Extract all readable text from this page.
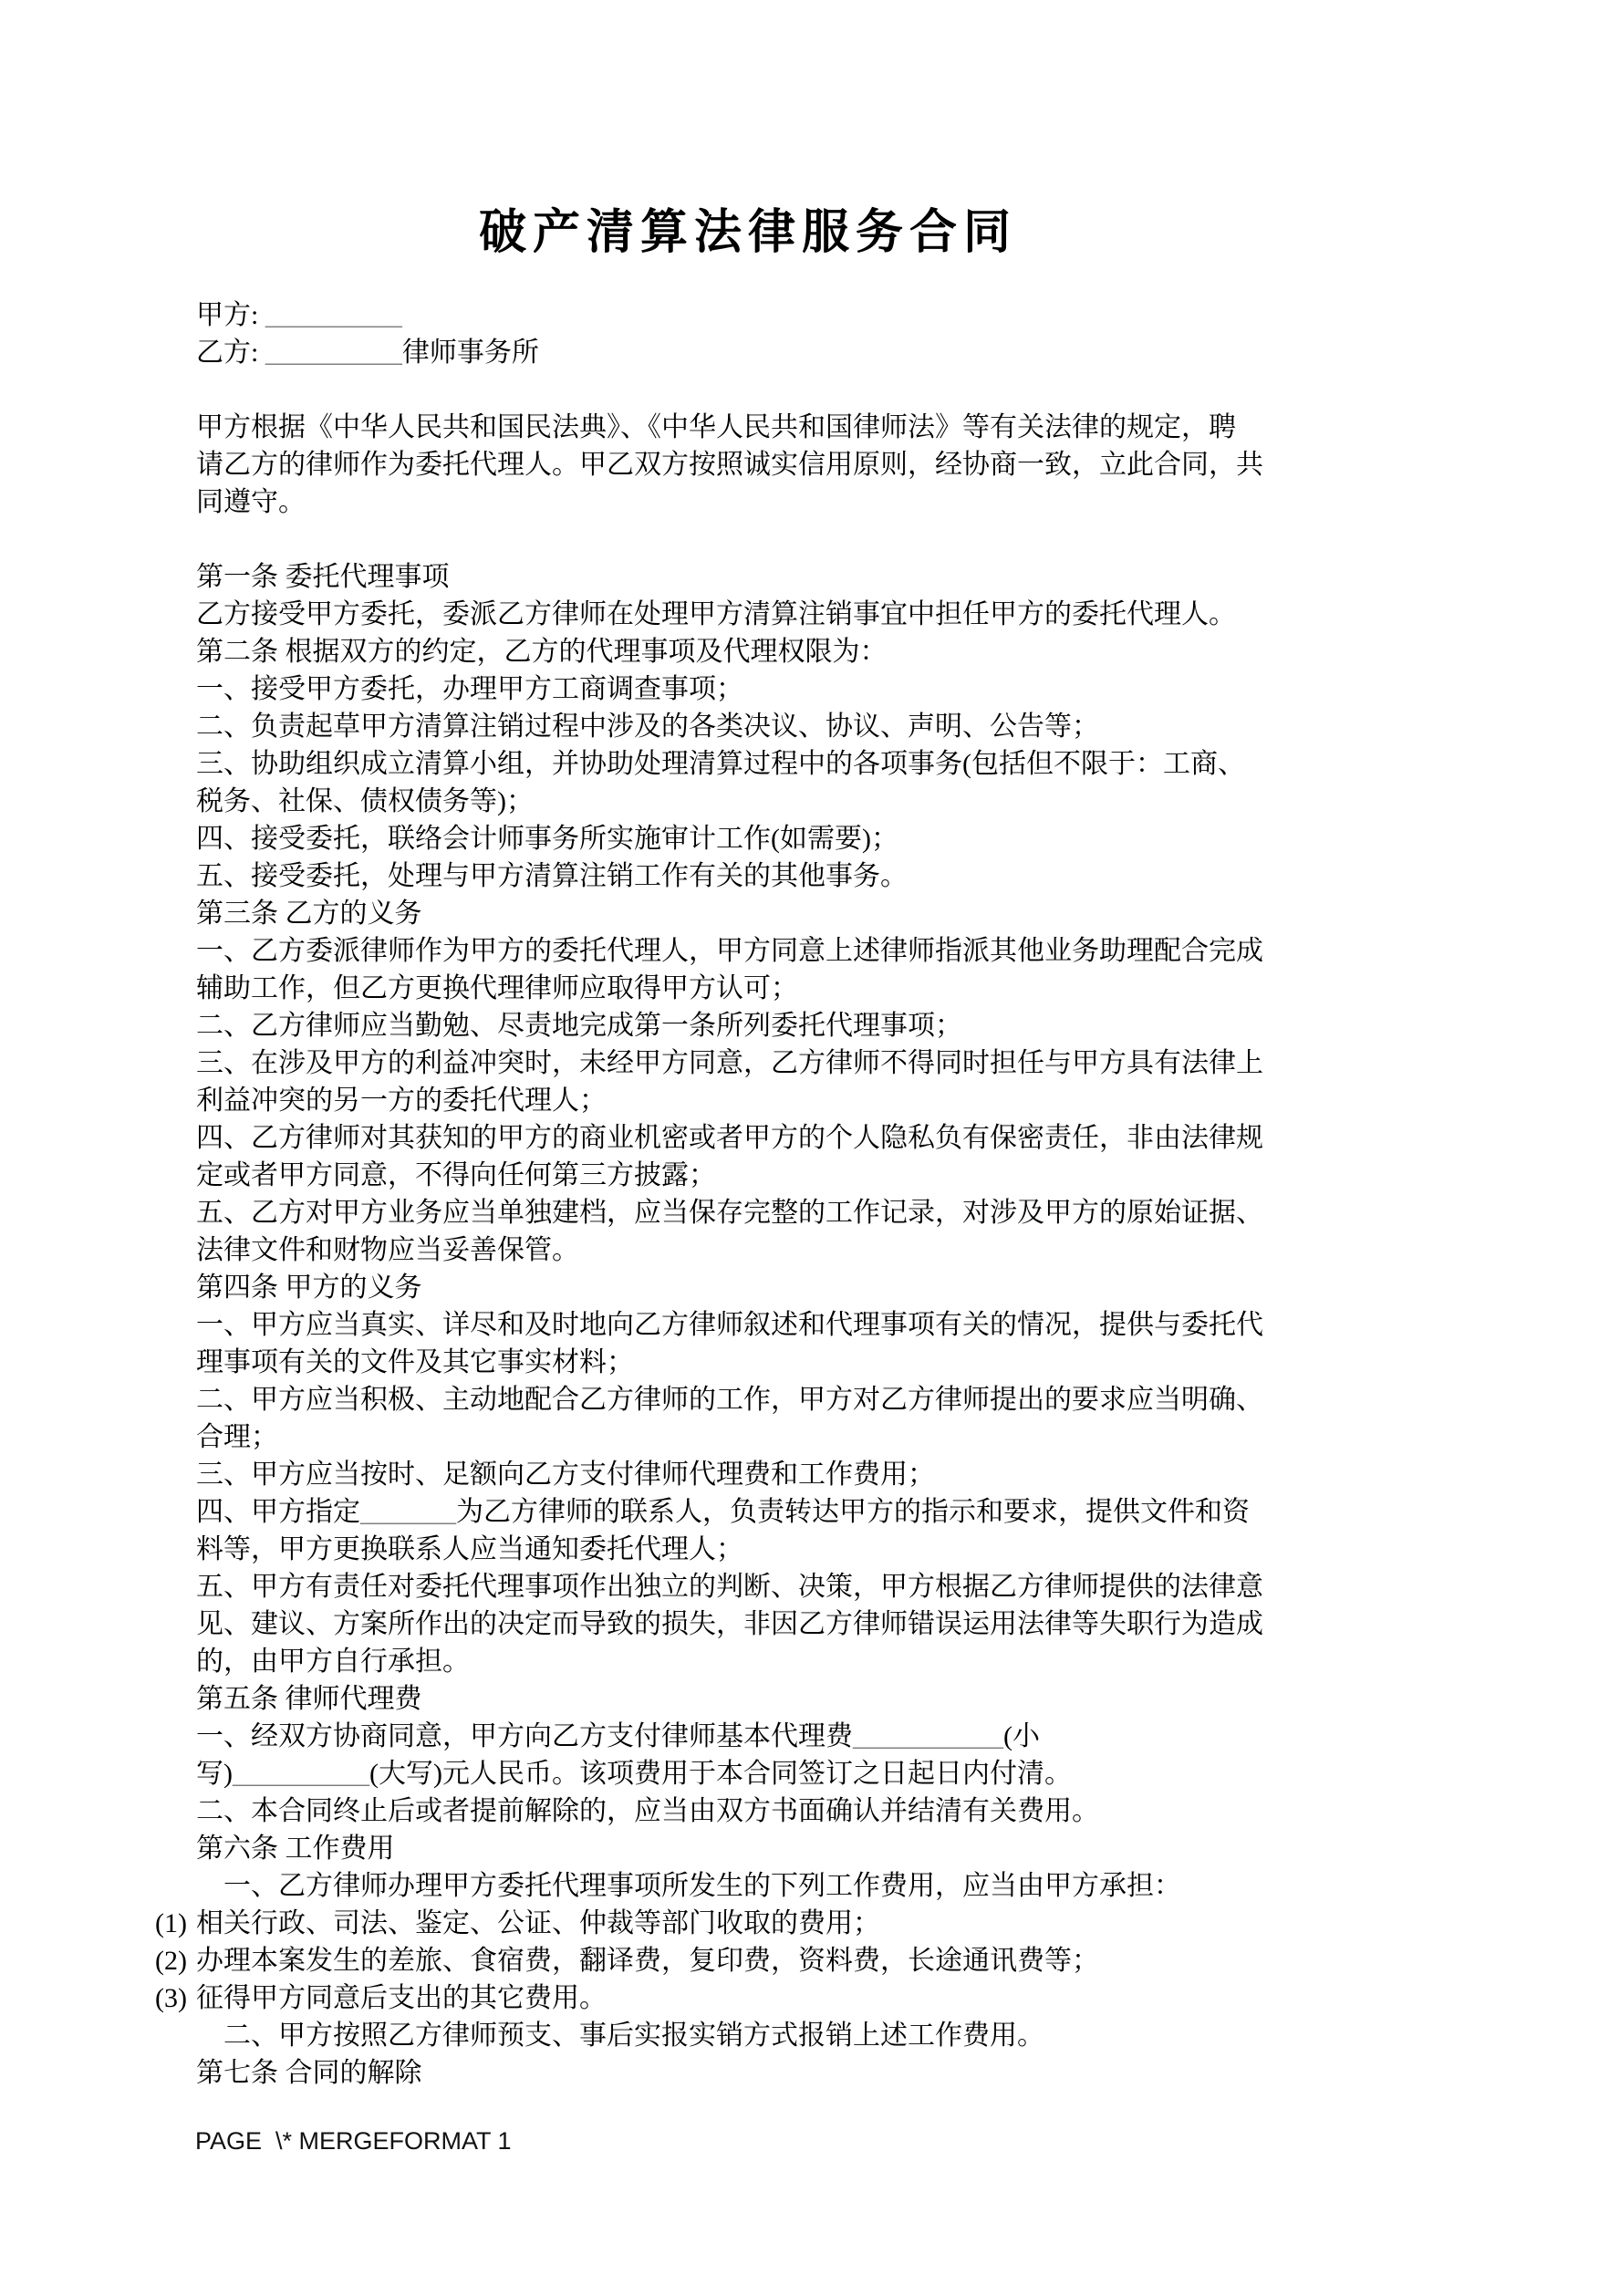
破产清算法律服务合同
甲方: __________
乙方: __________律师事务所
甲方根据《中华人民共和国民法典》、《中华人民共和国律师法》等有关法律的规定，聘
请乙方的律师作为委托代理人。甲乙双方按照诚实信用原则，经协商一致，立此合同，共
同遵守。
第一条 委托代理事项
乙方接受甲方委托，委派乙方律师在处理甲方清算注销事宜中担任甲方的委托代理人。
第二条 根据双方的约定，乙方的代理事项及代理权限为：
一、接受甲方委托，办理甲方工商调查事项；
二、负责起草甲方清算注销过程中涉及的各类决议、协议、声明、公告等；
三、协助组织成立清算小组，并协助处理清算过程中的各项事务(包括但不限于：工商、
税务、社保、债权债务等)；
四、接受委托，联络会计师事务所实施审计工作(如需要)；
五、接受委托，处理与甲方清算注销工作有关的其他事务。
第三条 乙方的义务
一、乙方委派律师作为甲方的委托代理人，甲方同意上述律师指派其他业务助理配合完成
辅助工作，但乙方更换代理律师应取得甲方认可；
二、乙方律师应当勤勉、尽责地完成第一条所列委托代理事项；
三、在涉及甲方的利益冲突时，未经甲方同意，乙方律师不得同时担任与甲方具有法律上
利益冲突的另一方的委托代理人；
四、乙方律师对其获知的甲方的商业机密或者甲方的个人隐私负有保密责任，非由法律规
定或者甲方同意，不得向任何第三方披露；
五、乙方对甲方业务应当单独建档，应当保存完整的工作记录，对涉及甲方的原始证据、
法律文件和财物应当妥善保管。
第四条 甲方的义务
一、甲方应当真实、详尽和及时地向乙方律师叙述和代理事项有关的情况，提供与委托代
理事项有关的文件及其它事实材料；
二、甲方应当积极、主动地配合乙方律师的工作，甲方对乙方律师提出的要求应当明确、
合理；
三、甲方应当按时、足额向乙方支付律师代理费和工作费用；
四、甲方指定_______为乙方律师的联系人，负责转达甲方的指示和要求，提供文件和资
料等，甲方更换联系人应当通知委托代理人；
五、甲方有责任对委托代理事项作出独立的判断、决策，甲方根据乙方律师提供的法律意
见、建议、方案所作出的决定而导致的损失，非因乙方律师错误运用法律等失职行为造成
的，由甲方自行承担。
第五条 律师代理费
一、经双方协商同意，甲方向乙方支付律师基本代理费___________(小
写)__________(大写)元人民币。该项费用于本合同签订之日起日内付清。
二、本合同终止后或者提前解除的，应当由双方书面确认并结清有关费用。
第六条 工作费用
一、乙方律师办理甲方委托代理事项所发生的下列工作费用，应当由甲方承担：
(1) 相关行政、司法、鉴定、公证、仲裁等部门收取的费用；
(2) 办理本案发生的差旅、食宿费，翻译费，复印费，资料费，长途通讯费等；
(3) 征得甲方同意后支出的其它费用。
二、甲方按照乙方律师预支、事后实报实销方式报销上述工作费用。
第七条 合同的解除
PAGE  \* MERGEFORMAT 1
